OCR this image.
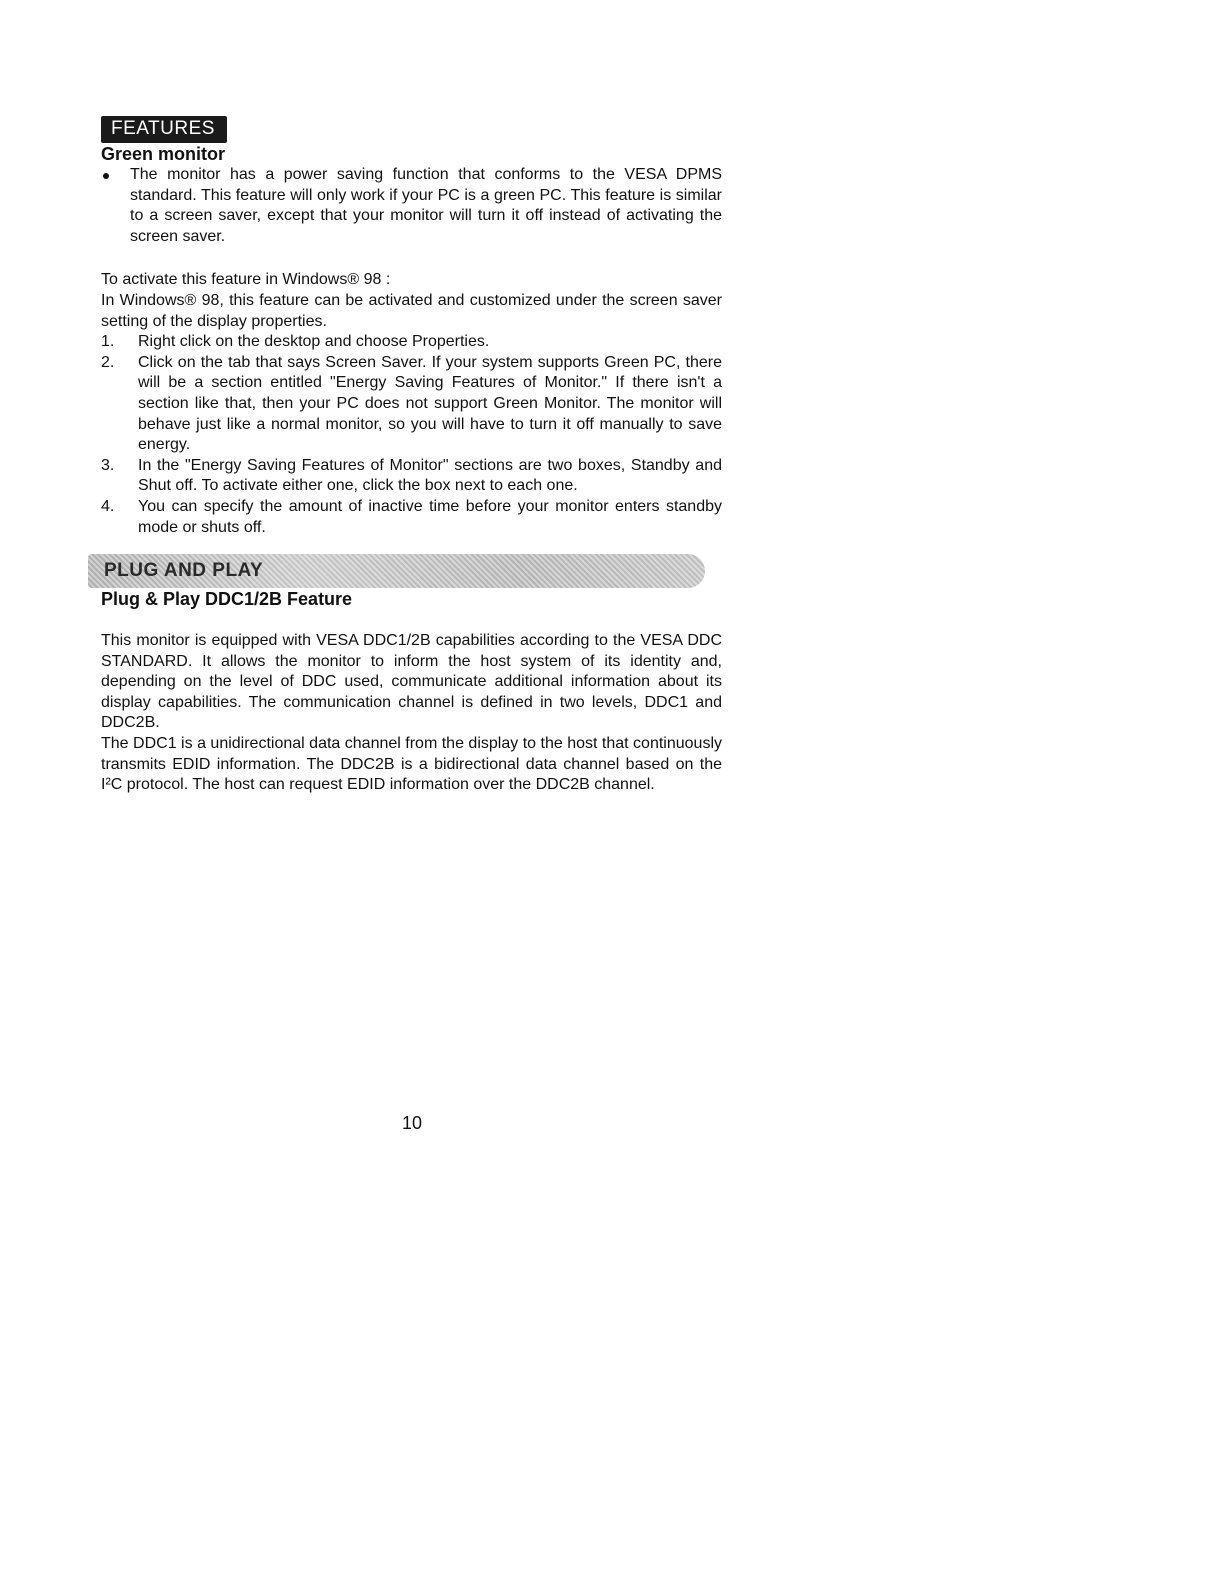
FEATURES
Green monitor
The monitor has a power saving function that conforms to the VESA DPMS standard. This feature will only work if your PC is a green PC. This feature is similar to a screen saver, except that your monitor will turn it off instead of activating the screen saver.

To activate this feature in Windows® 98 :

In Windows® 98, this feature can be activated and customized under the screen saver setting of the display properties.

1. Right click on the desktop and choose Properties.
2. Click on the tab that says Screen Saver. If your system supports Green PC, there will be a section entitled "Energy Saving Features of Monitor." If there isn't a section like that, then your PC does not support Green Monitor. The monitor will behave just like a normal monitor, so you will have to turn it off manually to save energy.
3. In the "Energy Saving Features of Monitor" sections are two boxes, Standby and Shut off. To activate either one, click the box next to each one.
4. You can specify the amount of inactive time before your monitor enters standby mode or shuts off.
PLUG AND PLAY
Plug & Play DDC1/2B Feature

This monitor is equipped with VESA DDC1/2B capabilities according to the VESA DDC STANDARD. It allows the monitor to inform the host system of its identity and, depending on the level of DDC used, communicate additional information about its display capabilities. The communication channel is defined in two levels, DDC1 and DDC2B.

The DDC1 is a unidirectional data channel from the display to the host that continuously transmits EDID information. The DDC2B is a bidirectional data channel based on the I²C protocol. The host can request EDID information over the DDC2B channel.

10
